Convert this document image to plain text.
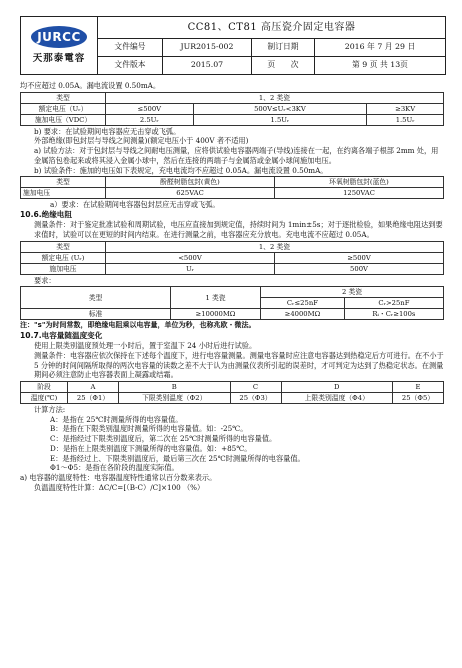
JURCC
天那泰電容
CC81、CT81 高压瓷介固定电容器
文件编号	JUR2015-002	制订日期	2016 年 7 月 29 日
文件版本	2015.07	页　　次	第 9 页 共 13页

均不应超过 0.05A。漏电流设置 0.50mA。

类型	1、2 类瓷		
额定电压（Uᵣ）	≤500V	500V≤Uᵣ<3KV	≥3KV
施加电压（VDC）	2.5Uᵣ	1.5Uᵣ	1.5Uᵣ

b) 要求：在试验期间电容器应无击穿或飞弧。

外部绝缘(即包封层与导线之间测量)(额定电压小于 400V 者不适用)

a) 试验方法：对于包封层与导线之间耐电压测量，应将供试验电容器两端子(导线)连接在一起，在约离各端子根部 2mm 处，用金属箔包卷起来或将其浸入金属小球中，然后在连接的两端子与金属箔或金属小球间施加电压。

b) 试验条件：施加的电压如下表规定，充电电流均不应超过 0.05A。漏电流设置 0.50mA。

类型	酚醛树脂包封(黄色)	环氧树脂包封(蓝色)
施加电压	625VAC	1250VAC

a）要求：在试验期间电容器包封层应无击穿或飞弧。

10.6.绝缘电阻

测量条件：对于鉴定批准试验和周期试验，电压应直接加到规定值，持续时间为 1min±5s；对于逐批检验，如果绝缘电阻达到要求值时，试验可以在更短的时间内结束。在进行测量之前，电容器应充分放电。充电电流不应超过 0.05A。

类型	1、2 类瓷	
额定电压 (Uᵣ)	<500V	≥500V
施加电压	Uᵣ	500V

要求：

类型	1 类瓷	2 类瓷	
		Cᵣ≤25nF	Cᵣ>25nF
标准	≥10000MΩ	≥4000MΩ	Rᵢ・Cᵣ≥100s

注："s"为时间常数，即绝缘电阻乘以电容量，单位为秒，也称兆欧・微法。

10.7.电容量随温度变化

使用上限类别温度预处理一小时后，置于室温下 24 小时后进行试验。

测量条件：电容器应依次保持在下述每个温度下，进行电容量测量。测量电容量时应注意电容器达到热稳定后方可进行。在不小于 5 分钟的时间间隔所取得的两次电容量的读数之差不大于认为由测量仪表所引起的误差时，才可判定为达到了热稳定状态。在测量期间必须注意防止电容器表面上凝露或结霜。

阶段	A	B	C	D	E
温度(℃)	25（Φ1）	下限类别温度（Φ2）	25（Φ3）	上限类别温度（Φ4）	25（Φ5）

计算方法:

A：是指在 25℃时测量所得的电容量值。

B：是指在下限类别温度时测量所得的电容量值。如：-25℃。

C：是指经过下限类别温度后，第二次在 25℃时测量所得的电容量值。

D：是指在上限类别温度下测量所得的电容量值。如：+85℃。

E：是指经过上、下限类别温度后，最后第三次在 25℃时测量所得的电容量值。

Φ1～Φ5：是指在各阶段的温度实际值。

a) 电容器的温度特性：电容器温度特性通常以百分数来表示。

负温温度特性计算：ΔC/C=[（B-C）/C]×100 （%）
